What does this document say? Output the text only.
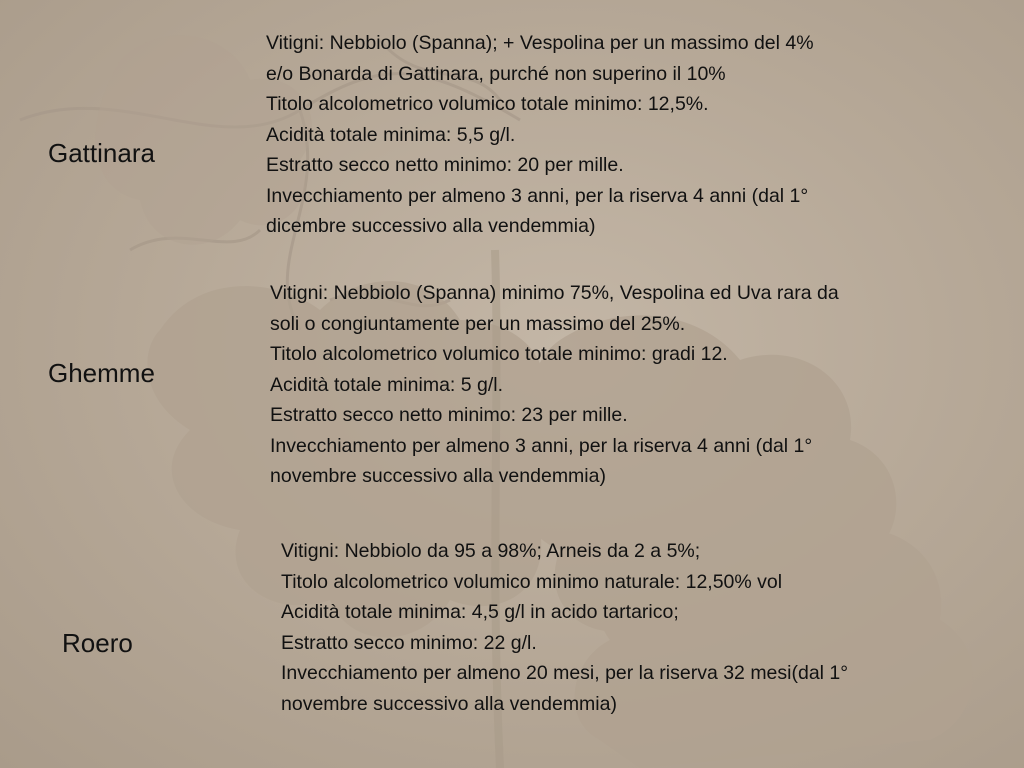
Gattinara
Vitigni: Nebbiolo (Spanna); + Vespolina per un massimo del 4%
e/o Bonarda di Gattinara, purché non superino il 10%
Titolo alcolometrico volumico totale minimo: 12,5%.
Acidità totale minima: 5,5 g/l.
Estratto secco netto minimo: 20 per mille.
Invecchiamento per almeno 3 anni, per la riserva 4 anni (dal 1°
dicembre successivo alla vendemmia)
Ghemme
Vitigni: Nebbiolo (Spanna) minimo 75%, Vespolina ed Uva rara da
soli o congiuntamente per un massimo del 25%.
Titolo alcolometrico volumico totale minimo: gradi 12.
Acidità totale minima: 5 g/l.
Estratto secco netto minimo: 23 per mille.
Invecchiamento per almeno 3 anni, per la riserva 4 anni (dal 1°
novembre successivo alla vendemmia)
Roero
Vitigni: Nebbiolo da 95 a 98%; Arneis da 2 a 5%;
Titolo alcolometrico volumico minimo naturale: 12,50% vol
Acidità totale minima: 4,5 g/l in acido tartarico;
Estratto secco minimo: 22 g/l.
Invecchiamento per almeno 20 mesi, per la riserva 32 mesi(dal 1°
novembre successivo alla vendemmia)
